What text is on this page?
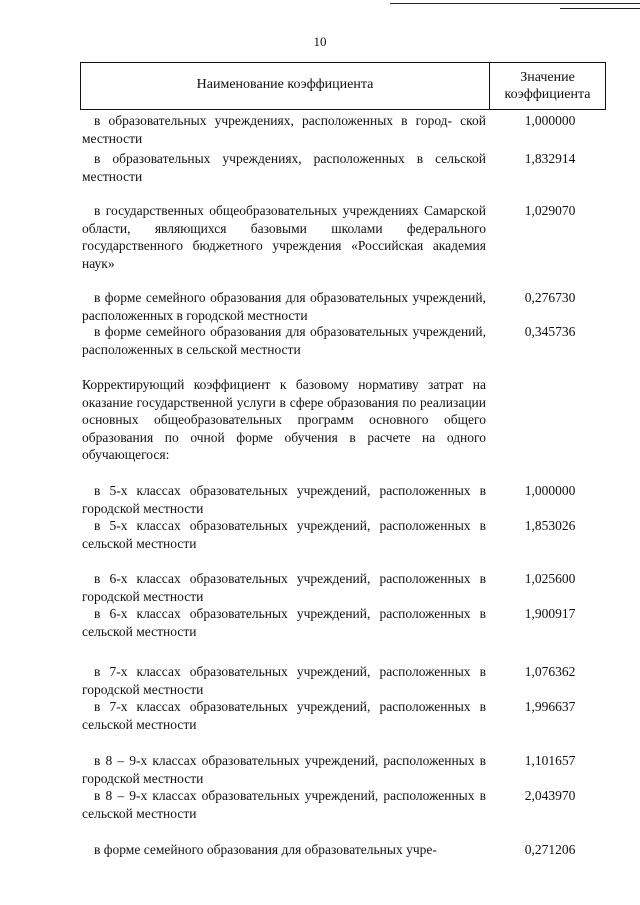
10
Наименование коэффициента	Значение
коэффициента

в образовательных учреждениях, расположенных в город- ской местности

1,000000

в образовательных учреждениях, расположенных в сельской местности

1,832914

в государственных общеобразовательных учреждениях Самарской области, являющихся базовыми школами федерального государственного бюджетного учреждения «Российская академия наук»

1,029070

в форме семейного образования для образовательных учреждений, расположенных в городской местности

0,276730

в форме семейного образования для образовательных учреждений, расположенных в сельской местности

0,345736

Корректирующий коэффициент к базовому нормативу затрат на оказание государственной услуги в сфере образования по реализации основных общеобразовательных программ основного общего образования по очной форме обучения в расчете на одного обучающегося:

в 5-х классах образовательных учреждений, расположенных в городской местности

1,000000

в 5-х классах образовательных учреждений, расположенных в сельской местности

1,853026

в 6-х классах образовательных учреждений, расположенных в городской местности

1,025600

в 6-х классах образовательных учреждений, расположенных в сельской местности

1,900917

в 7-х классах образовательных учреждений, расположенных в городской местности

1,076362

в 7-х классах образовательных учреждений, расположенных в сельской местности

1,996637

в 8 – 9-х классах образовательных учреждений, расположенных в городской местности

1,101657

в 8 – 9-х классах образовательных учреждений, расположенных в сельской местности

2,043970

в форме семейного образования для образовательных учре-	0,271206
